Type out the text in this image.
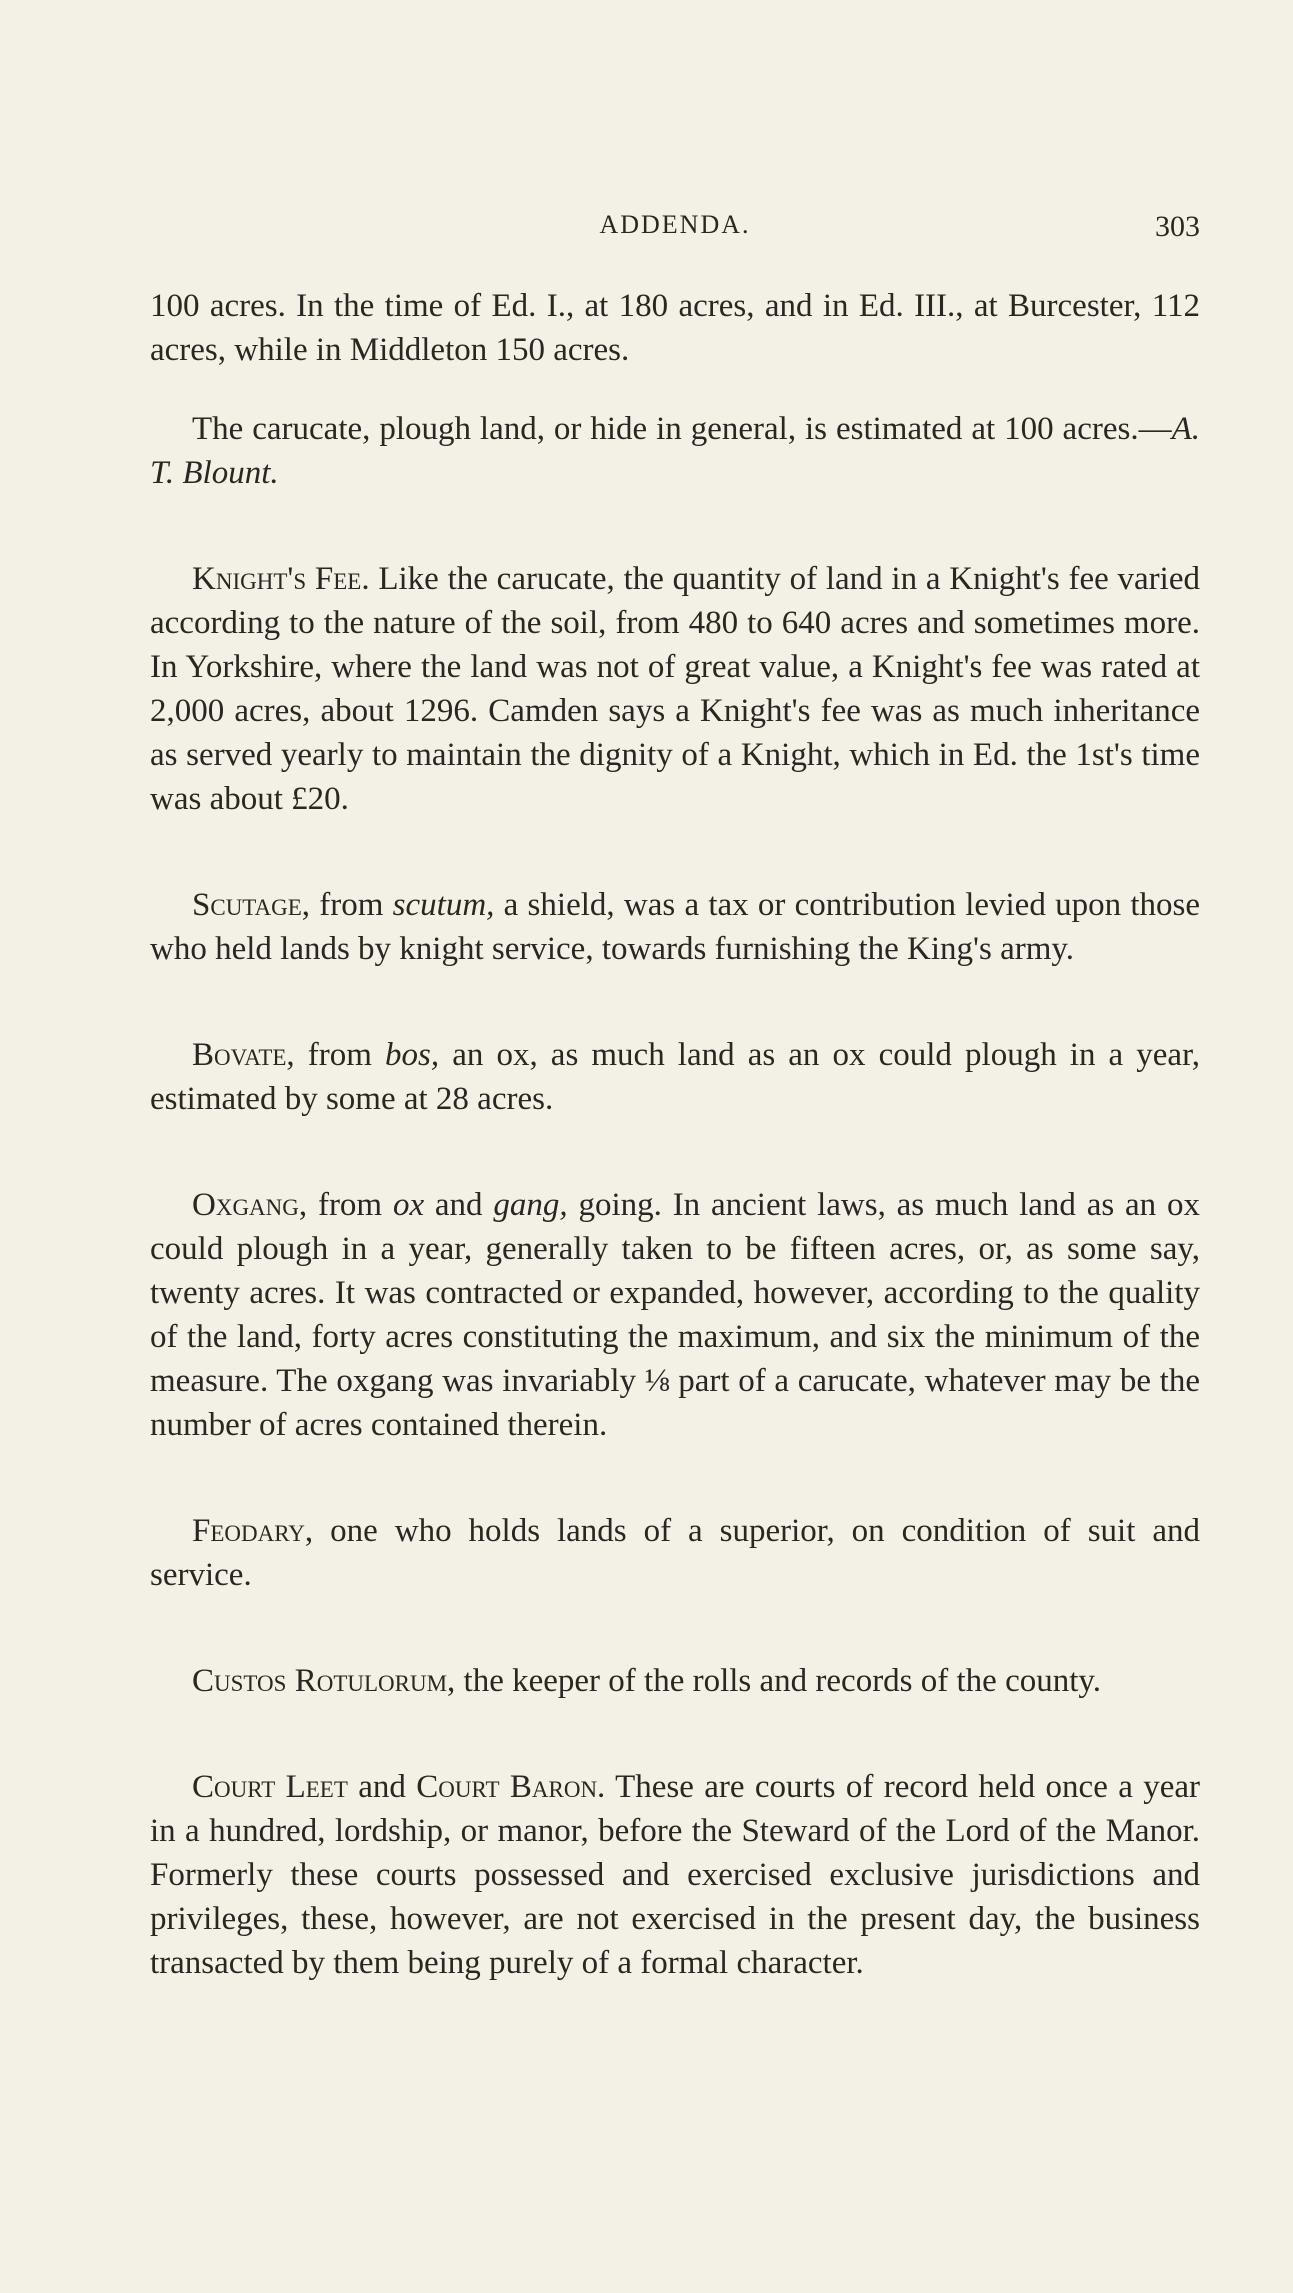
ADDENDA.	303

100 acres. In the time of Ed. I., at 180 acres, and in Ed. III., at Burcester, 112 acres, while in Middleton 150 acres.

The carucate, plough land, or hide in general, is estimated at 100 acres.—A. T. Blount.

Knight's Fee. Like the carucate, the quantity of land in a Knight's fee varied according to the nature of the soil, from 480 to 640 acres and sometimes more. In Yorkshire, where the land was not of great value, a Knight's fee was rated at 2,000 acres, about 1296. Camden says a Knight's fee was as much inheritance as served yearly to maintain the dignity of a Knight, which in Ed. the 1st's time was about £20.

Scutage, from scutum, a shield, was a tax or contribution levied upon those who held lands by knight service, towards furnishing the King's army.

Bovate, from bos, an ox, as much land as an ox could plough in a year, estimated by some at 28 acres.

Oxgang, from ox and gang, going. In ancient laws, as much land as an ox could plough in a year, generally taken to be fifteen acres, or, as some say, twenty acres. It was contracted or expanded, however, according to the quality of the land, forty acres constituting the maximum, and six the minimum of the measure. The oxgang was invariably ⅛ part of a carucate, whatever may be the number of acres contained therein.

Feodary, one who holds lands of a superior, on condition of suit and service.

Custos Rotulorum, the keeper of the rolls and records of the county.

Court Leet and Court Baron. These are courts of record held once a year in a hundred, lordship, or manor, before the Steward of the Lord of the Manor. Formerly these courts possessed and exercised exclusive jurisdictions and privileges, these, however, are not exercised in the present day, the business transacted by them being purely of a formal character.
